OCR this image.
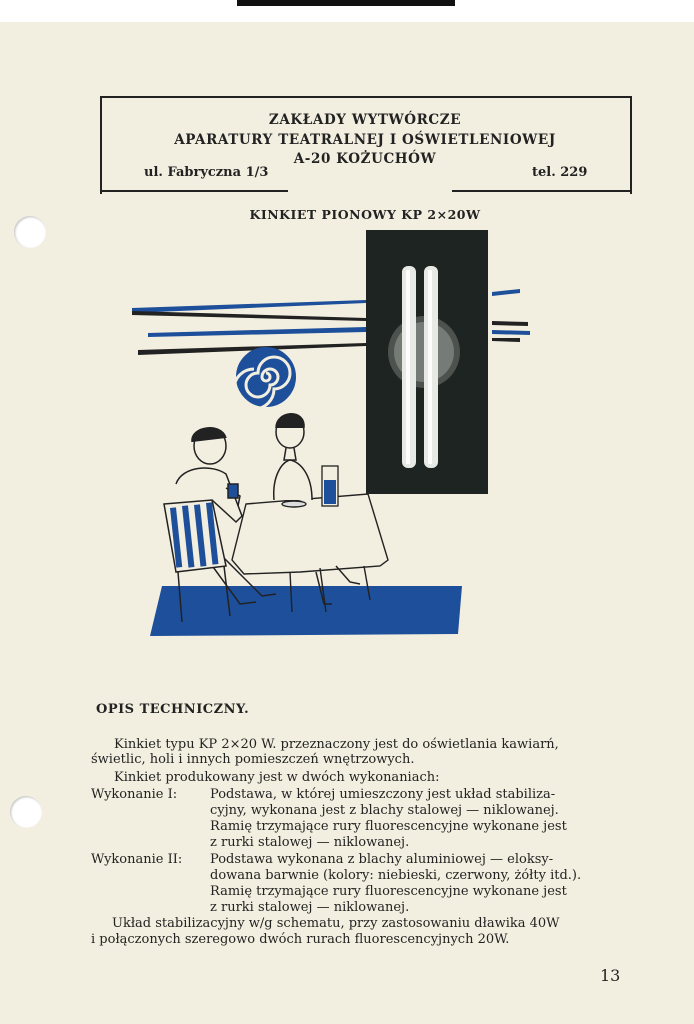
ZAKŁADY WYTWÓRCZE
APARATURY TEATRALNEJ I OŚWIETLENIOWEJ
A-20 KOŻUCHÓW
ul. Fabryczna 1/3	tel. 229
KINKIET PIONOWY KP 2×20W
OPIS TECHNICZNY.
Kinkiet typu KP 2×20 W. przeznaczony jest do oświetlania kawiarń,
świetlic, holi i innych pomieszczeń wnętrzowych.
Kinkiet produkowany jest w dwóch wykonaniach:
Wykonanie I:	Podstawa, w której umieszczony jest układ stabiliza-
cyjny, wykonana jest z blachy stalowej — niklowanej.
Ramię trzymające rury fluorescencyjne wykonane jest
z rurki stalowej — niklowanej.
Wykonanie II: Podstawa wykonana z blachy aluminiowej — eloksy-
dowana barwnie (kolory: niebieski, czerwony, żółty itd.).
Ramię trzymające rury fluorescencyjne wykonane jest
z rurki stalowej — niklowanej.
Układ stabilizacyjny w/g schematu, przy zastosowaniu dławika 40W
i połączonych szeregowo dwóch rurach fluorescencyjnych 20W.
13
